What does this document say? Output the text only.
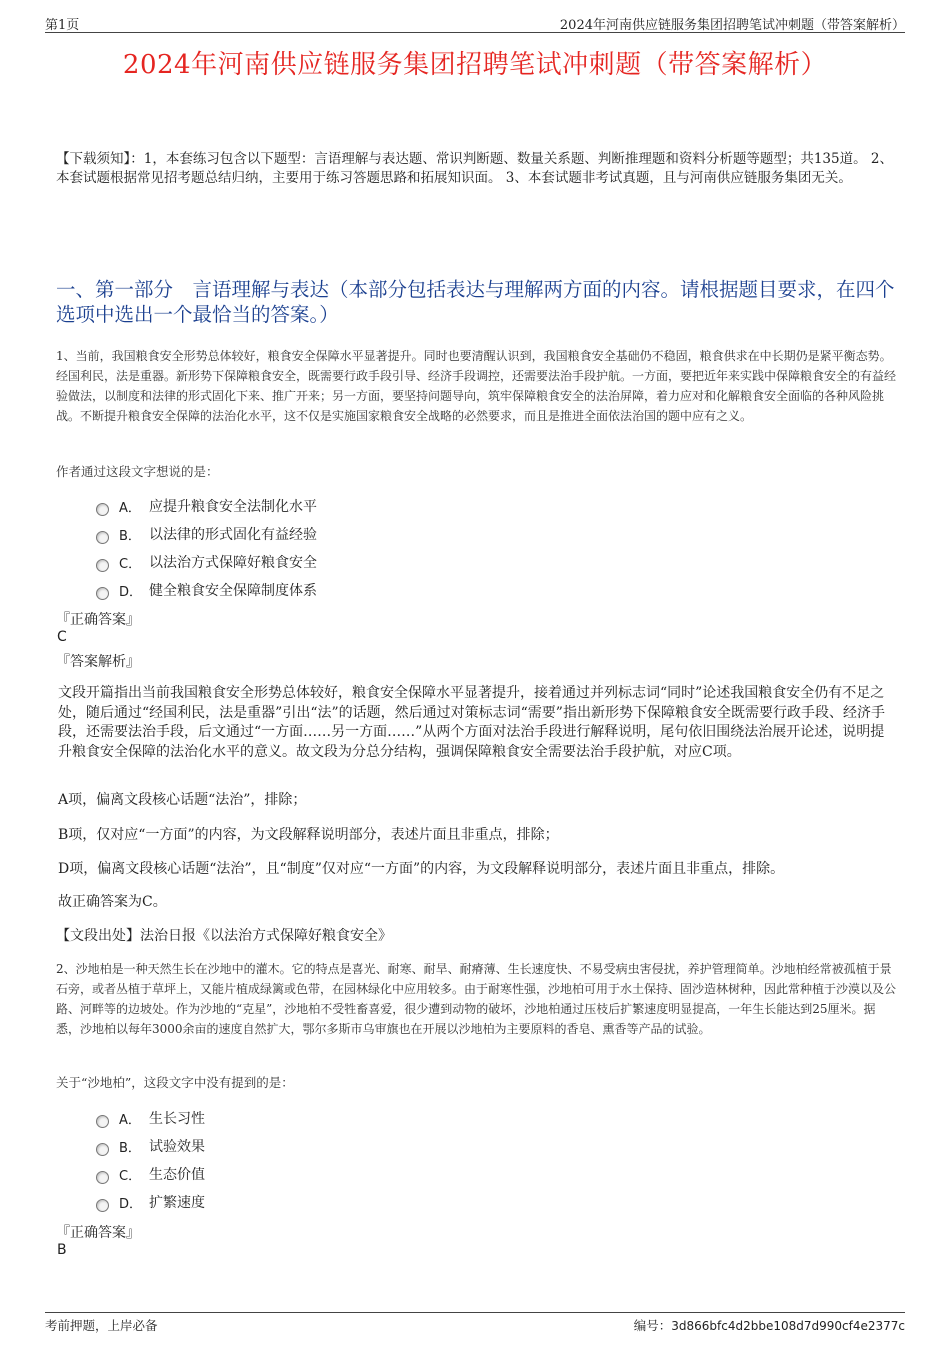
第1页	2024年河南供应链服务集团招聘笔试冲刺题（带答案解析）
2024年河南供应链服务集团招聘笔试冲刺题（带答案解析）
【下载须知】：1，本套练习包含以下题型：言语理解与表达题、常识判断题、数量关系题、判断推理题和资料分析题等题型；共135道。 2、本套试题根据常见招考题总结归纳，主要用于练习答题思路和拓展知识面。 3、本套试题非考试真题，且与河南供应链服务集团无关。
一、第一部分　言语理解与表达（本部分包括表达与理解两方面的内容。请根据题目要求，在四个选项中选出一个最恰当的答案。）
1、当前，我国粮食安全形势总体较好，粮食安全保障水平显著提升。同时也要清醒认识到，我国粮食安全基础仍不稳固，粮食供求在中长期仍是紧平衡态势。经国利民，法是重器。新形势下保障粮食安全，既需要行政手段引导、经济手段调控，还需要法治手段护航。一方面，要把近年来实践中保障粮食安全的有益经验做法，以制度和法律的形式固化下来、推广开来；另一方面，要坚持问题导向，筑牢保障粮食安全的法治屏障，着力应对和化解粮食安全面临的各种风险挑战。不断提升粮食安全保障的法治化水平，这不仅是实施国家粮食安全战略的必然要求，而且是推进全面依法治国的题中应有之义。
作者通过这段文字想说的是：
A． 应提升粮食安全法制化水平
B． 以法律的形式固化有益经验
C． 以法治方式保障好粮食安全
D． 健全粮食安全保障制度体系
『正确答案』
C
『答案解析』
文段开篇指出当前我国粮食安全形势总体较好，粮食安全保障水平显著提升，接着通过并列标志词“同时”论述我国粮食安全仍有不足之处，随后通过“经国利民，法是重器”引出“法”的话题，然后通过对策标志词“需要”指出新形势下保障粮食安全既需要行政手段、经济手段，还需要法治手段，后文通过“一方面……另一方面……”从两个方面对法治手段进行解释说明，尾句依旧围绕法治展开论述，说明提升粮食安全保障的法治化水平的意义。故文段为分总分结构，强调保障粮食安全需要法治手段护航，对应C项。
A项，偏离文段核心话题“法治”，排除；
B项，仅对应“一方面”的内容，为文段解释说明部分，表述片面且非重点，排除；
D项，偏离文段核心话题“法治”，且“制度”仅对应“一方面”的内容，为文段解释说明部分，表述片面且非重点，排除。
故正确答案为C。
【文段出处】法治日报《以法治方式保障好粮食安全》
2、沙地柏是一种天然生长在沙地中的灌木。它的特点是喜光、耐寒、耐旱、耐瘠薄、生长速度快、不易受病虫害侵扰，养护管理简单。沙地柏经常被孤植于景石旁，或者丛植于草坪上，又能片植成绿篱或色带，在园林绿化中应用较多。由于耐寒性强，沙地柏可用于水土保持、固沙造林树种，因此常种植于沙漠以及公路、河畔等的边坡处。作为沙地的“克星”，沙地柏不受牲畜喜爱，很少遭到动物的破坏，沙地柏通过压枝后扩繁速度明显提高，一年生长能达到25厘米。据悉，沙地柏以每年3000余亩的速度自然扩大，鄂尔多斯市乌审旗也在开展以沙地柏为主要原料的香皂、熏香等产品的试验。
关于“沙地柏”，这段文字中没有提到的是：
A． 生长习性
B． 试验效果
C． 生态价值
D． 扩繁速度
『正确答案』
B
考前押题，上岸必备	编号：3d866bfc4d2bbe108d7d990cf4e2377c
